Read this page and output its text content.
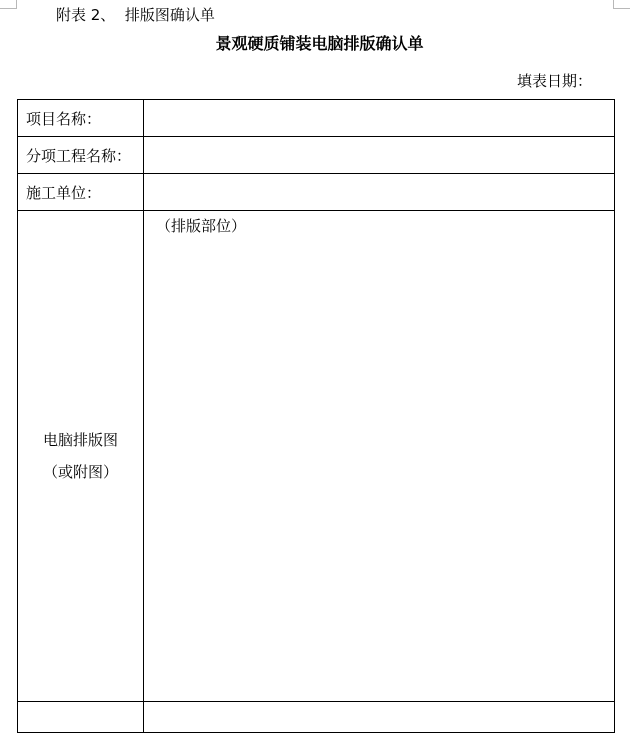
附表 2、  排版图确认单
景观硬质铺装电脑排版确认单
填表日期：
项目名称：	
分项工程名称：	
施工单位：	

电脑排版图
（或附图）	（排版部位）
